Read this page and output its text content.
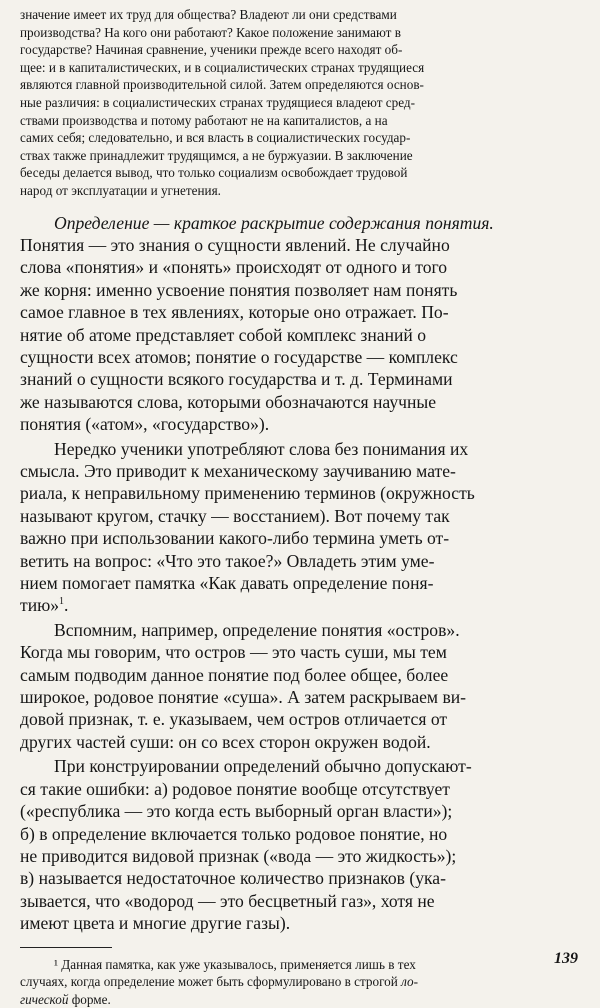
значение имеет их труд для общества? Владеют ли они средствами
производства? На кого они работают? Какое положение занимают в
государстве? Начиная сравнение, ученики прежде всего находят об-
щее: и в капиталистических, и в социалистических странах трудящиеся
являются главной производительной силой. Затем определяются основ-
ные различия: в социалистических странах трудящиеся владеют сред-
ствами производства и потому работают не на капиталистов, а на
самих себя; следовательно, и вся власть в социалистических государ-
ствах также принадлежит трудящимся, а не буржуазии. В заключение
беседы делается вывод, что только социализм освобождает трудовой
народ от эксплуатации и угнетения.

Определение — краткое раскрытие содержания понятия.
Понятия — это знания о сущности явлений. Не случайно
слова «понятия» и «понять» происходят от одного и того
же корня: именно усвоение понятия позволяет нам понять
самое главное в тех явлениях, которые оно отражает. По-
нятие об атоме представляет собой комплекс знаний о
сущности всех атомов; понятие о государстве — комплекс
знаний о сущности всякого государства и т. д. Терминами
же называются слова, которыми обозначаются научные
понятия («атом», «государство»).

Нередко ученики употребляют слова без понимания их
смысла. Это приводит к механическому заучиванию мате-
риала, к неправильному применению терминов (окружность
называют кругом, стачку — восстанием). Вот почему так
важно при использовании какого-либо термина уметь от-
ветить на вопрос: «Что это такое?» Овладеть этим уме-
нием помогает памятка «Как давать определение поня-
тию»$^1$.

Вспомним, например, определение понятия «остров».
Когда мы говорим, что остров — это часть суши, мы тем
самым подводим данное понятие под более общее, более
широкое, родовое понятие «суша». А затем раскрываем ви-
довой признак, т. е. указываем, чем остров отличается от
других частей суши: он со всех сторон окружен водой.

При конструировании определений обычно допускают-
ся такие ошибки: а) родовое понятие вообще отсутствует
(«республика — это когда есть выборный орган власти»);
б) в определение включается только родовое понятие, но
не приводится видовой признак («вода — это жидкость»);
в) называется недостаточное количество признаков (ука-
зывается, что «водород — это бесцветный газ», хотя не
имеют цвета и многие другие газы).

¹ Данная памятка, как уже указывалось, применяется лишь в тех
случаях, когда определение может быть сформулировано в строгой ло-
гической форме.
139
